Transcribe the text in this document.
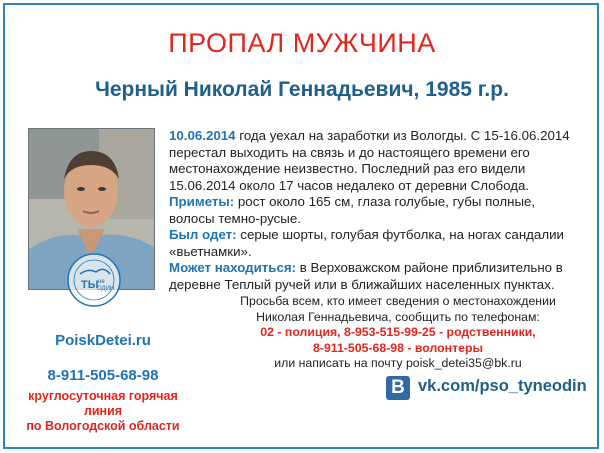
ПРОПАЛ МУЖЧИНА
Черный Николай Геннадьевич, 1985 г.р.
ТЫ не
ОДИН

10.06.2014 года уехал на заработки из Вологды. С 15-16.06.2014 перестал выходить на связь и до настоящего времени его местонахождение неизвестно. Последний раз его видели 15.06.2014 около 17 часов недалеко от деревни Слобода.

Приметы: рост около 165 см, глаза голубые, губы полные, волосы темно-русые.

Был одет: серые шорты, голубая футболка, на ногах сандалии «вьетнамки».

Может находиться: в Верховажском районе приблизительно в деревне Теплый ручей или в ближайших населенных пунктах.

Просьба всем, кто имеет сведения о местонахождении
Николая Геннадьевича, сообщить по телефонам:
02 - полиция, 8-953-515-99-25 - родственники,
8-911-505-68-98 - волонтеры
или написать на почту poisk_detei35@bk.ru
PoiskDetei.ru
8-911-505-68-98
круглосуточная горячая линия
по Вологодской области
В vk.com/pso_tyneodin
